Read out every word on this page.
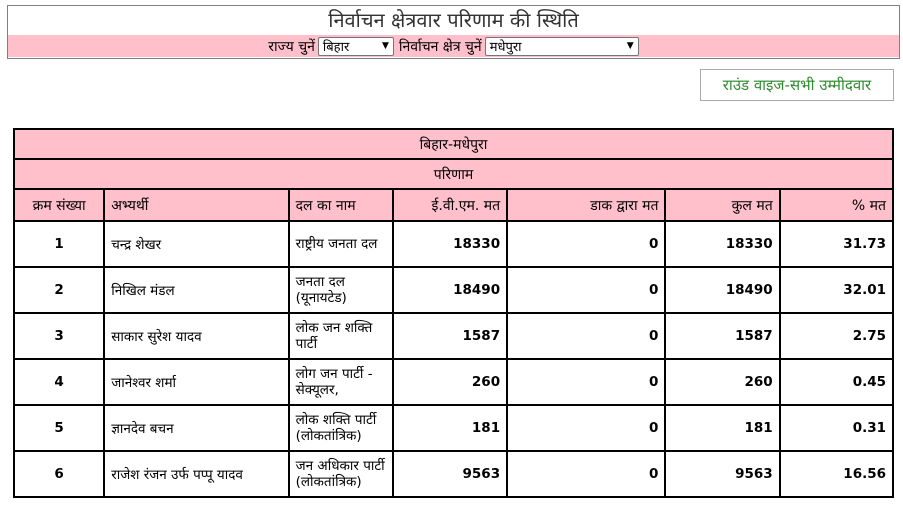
निर्वाचन क्षेत्रवार परिणाम की स्थिति
राज्य चुनें बिहार	▼ निर्वाचन क्षेत्र चुनें मधेपुरा	▼
राउंड वाइज-सभी उम्मीदवार
बिहार-मधेपुरा						
परिणाम						
क्रम संख्या	अभ्यर्थी	दल का नाम	ई.वी.एम. मत	डाक द्वारा मत	कुल मत	% मत
1	चन्द्र शेखर	राष्ट्रीय जनता दल	18330	0	18330	31.73
2	निखिल मंडल	जनता दल (यूनायटेड)	18490	0	18490	32.01
3	साकार सुरेश यादव	लोक जन शक्ति पार्टी	1587	0	1587	2.75
4	जानेश्वर शर्मा	लोग जन पार्टी - सेक्यूलर,	260	0	260	0.45
5	ज्ञानदेव बचन	लोक शक्ति पार्टी (लोकतांत्रिक)	181	0	181	0.31
6	राजेश रंजन उर्फ पप्पू यादव	जन अधिकार पार्टी (लोकतांत्रिक)	9563	0	9563	16.56
